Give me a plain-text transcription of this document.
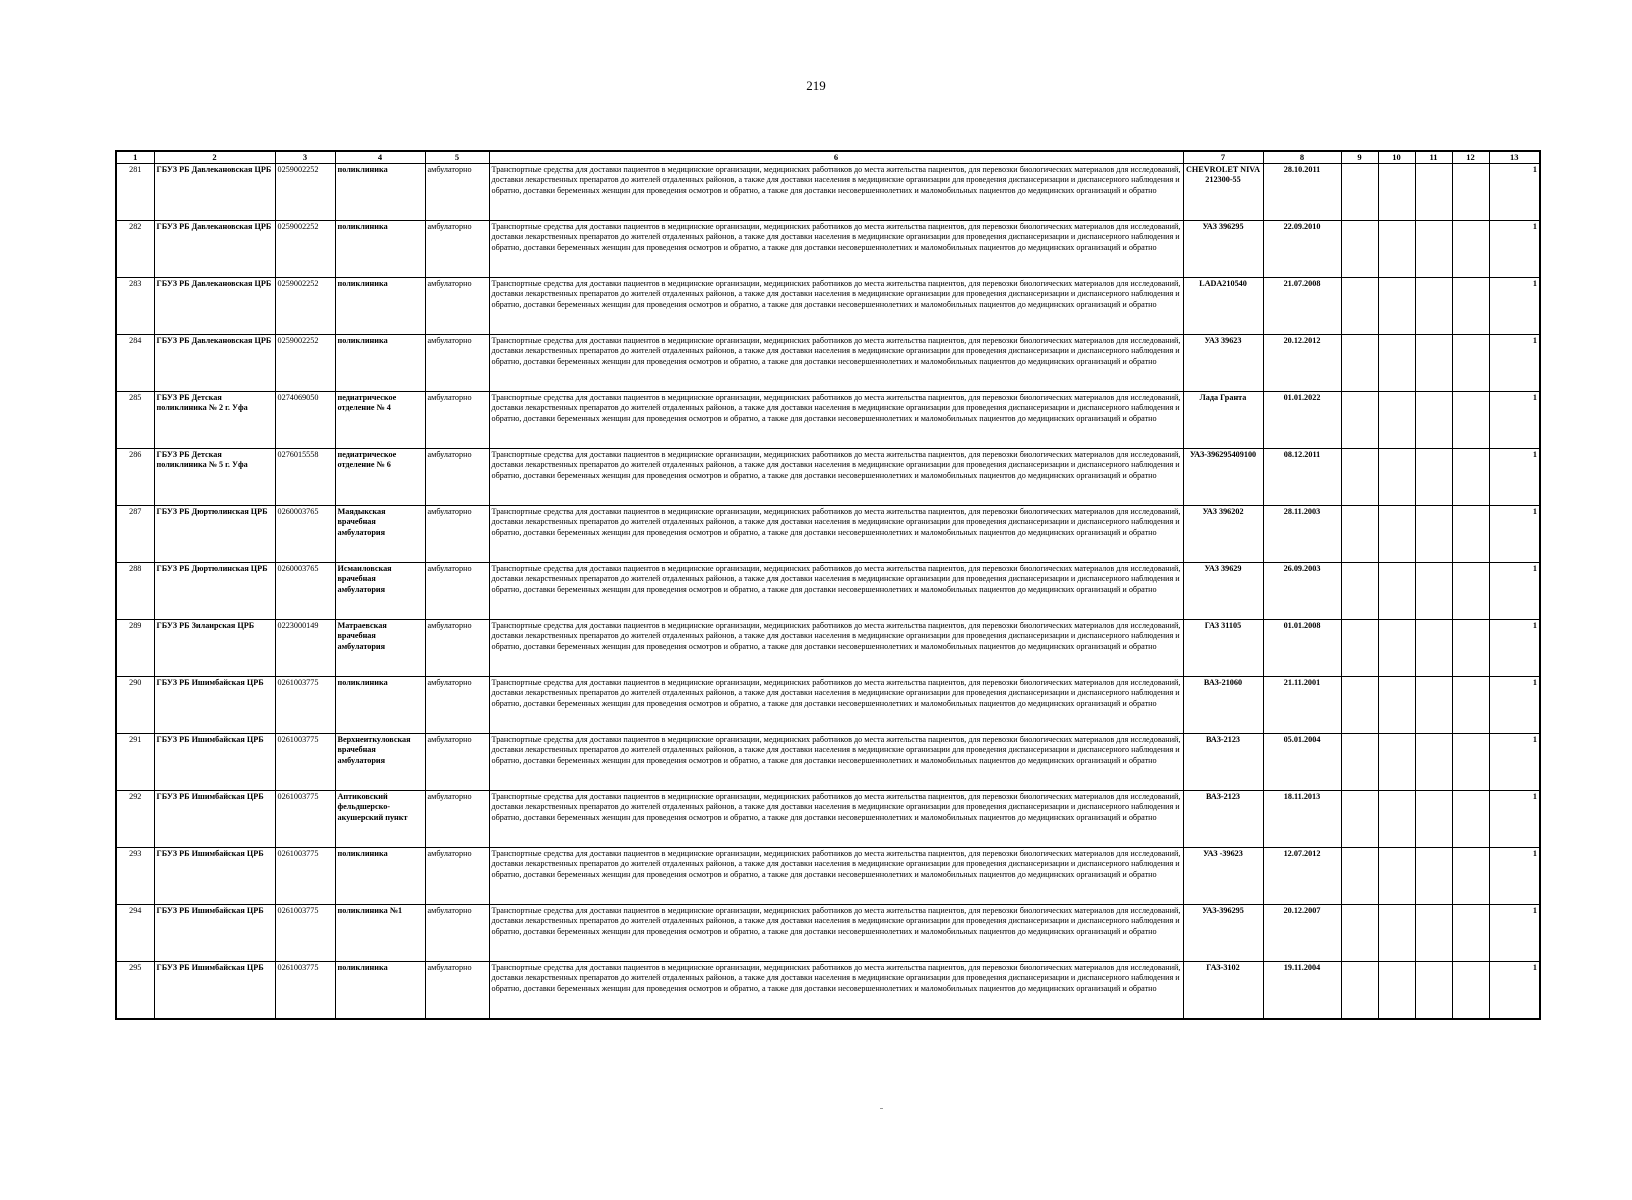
219
1	2	3	4	5	6	7	8	9	10	11	12	13
281	ГБУЗ РБ Давлекановская ЦРБ	0259002252	поликлиника	амбулаторно	Транспортные средства для доставки пациентов в медицинские организации, медицинских работников до места жительства пациентов, для перевозки биологических материалов для исследований, доставки лекарственных препаратов до жителей отдаленных районов, а также для доставки населения в медицинские организации для проведения диспансеризации и диспансерного наблюдения и обратно, доставки беременных женщин для проведения осмотров и обратно, а также для доставки несовершеннолетних и маломобильных пациентов до медицинских организаций и обратно	CHEVROLET NIVA 212300-55	28.10.2011					1
282	ГБУЗ РБ Давлекановская ЦРБ	0259002252	поликлиника	амбулаторно	Транспортные средства для доставки пациентов в медицинские организации, медицинских работников до места жительства пациентов, для перевозки биологических материалов для исследований, доставки лекарственных препаратов до жителей отдаленных районов, а также для доставки населения в медицинские организации для проведения диспансеризации и диспансерного наблюдения и обратно, доставки беременных женщин для проведения осмотров и обратно, а также для доставки несовершеннолетних и маломобильных пациентов до медицинских организаций и обратно	УАЗ 396295	22.09.2010					1
283	ГБУЗ РБ Давлекановская ЦРБ	0259002252	поликлиника	амбулаторно	Транспортные средства для доставки пациентов в медицинские организации, медицинских работников до места жительства пациентов, для перевозки биологических материалов для исследований, доставки лекарственных препаратов до жителей отдаленных районов, а также для доставки населения в медицинские организации для проведения диспансеризации и диспансерного наблюдения и обратно, доставки беременных женщин для проведения осмотров и обратно, а также для доставки несовершеннолетних и маломобильных пациентов до медицинских организаций и обратно	LADA210540	21.07.2008					1
284	ГБУЗ РБ Давлекановская ЦРБ	0259002252	поликлиника	амбулаторно	Транспортные средства для доставки пациентов в медицинские организации, медицинских работников до места жительства пациентов, для перевозки биологических материалов для исследований, доставки лекарственных препаратов до жителей отдаленных районов, а также для доставки населения в медицинские организации для проведения диспансеризации и диспансерного наблюдения и обратно, доставки беременных женщин для проведения осмотров и обратно, а также для доставки несовершеннолетних и маломобильных пациентов до медицинских организаций и обратно	УАЗ 39623	20.12.2012					1
285	ГБУЗ РБ Детская поликлиника № 2 г. Уфа	0274069050	педиатрическое отделение № 4	амбулаторно	Транспортные средства для доставки пациентов в медицинские организации, медицинских работников до места жительства пациентов, для перевозки биологических материалов для исследований, доставки лекарственных препаратов до жителей отдаленных районов, а также для доставки населения в медицинские организации для проведения диспансеризации и диспансерного наблюдения и обратно, доставки беременных женщин для проведения осмотров и обратно, а также для доставки несовершеннолетних и маломобильных пациентов до медицинских организаций и обратно	Лада Гранта	01.01.2022					1
286	ГБУЗ РБ Детская поликлиника № 5 г. Уфа	0276015558	педиатрическое отделение № 6	амбулаторно	Транспортные средства для доставки пациентов в медицинские организации, медицинских работников до места жительства пациентов, для перевозки биологических материалов для исследований, доставки лекарственных препаратов до жителей отдаленных районов, а также для доставки населения в медицинские организации для проведения диспансеризации и диспансерного наблюдения и обратно, доставки беременных женщин для проведения осмотров и обратно, а также для доставки несовершеннолетних и маломобильных пациентов до медицинских организаций и обратно	УАЗ-396295409100	08.12.2011					1
287	ГБУЗ РБ Дюртюлинская ЦРБ	0260003765	Маядыкская врачебная амбулатория	амбулаторно	Транспортные средства для доставки пациентов в медицинские организации, медицинских работников до места жительства пациентов, для перевозки биологических материалов для исследований, доставки лекарственных препаратов до жителей отдаленных районов, а также для доставки населения в медицинские организации для проведения диспансеризации и диспансерного наблюдения и обратно, доставки беременных женщин для проведения осмотров и обратно, а также для доставки несовершеннолетних и маломобильных пациентов до медицинских организаций и обратно	УАЗ 396202	28.11.2003					1
288	ГБУЗ РБ Дюртюлинская ЦРБ	0260003765	Исмаиловская врачебная амбулатория	амбулаторно	Транспортные средства для доставки пациентов в медицинские организации, медицинских работников до места жительства пациентов, для перевозки биологических материалов для исследований, доставки лекарственных препаратов до жителей отдаленных районов, а также для доставки населения в медицинские организации для проведения диспансеризации и диспансерного наблюдения и обратно, доставки беременных женщин для проведения осмотров и обратно, а также для доставки несовершеннолетних и маломобильных пациентов до медицинских организаций и обратно	УАЗ 39629	26.09.2003					1
289	ГБУЗ РБ Зилаирская ЦРБ	0223000149	Матраевская врачебная амбулатория	амбулаторно	Транспортные средства для доставки пациентов в медицинские организации, медицинских работников до места жительства пациентов, для перевозки биологических материалов для исследований, доставки лекарственных препаратов до жителей отдаленных районов, а также для доставки населения в медицинские организации для проведения диспансеризации и диспансерного наблюдения и обратно, доставки беременных женщин для проведения осмотров и обратно, а также для доставки несовершеннолетних и маломобильных пациентов до медицинских организаций и обратно	ГАЗ 31105	01.01.2008					1
290	ГБУЗ РБ Ишимбайская ЦРБ	0261003775	поликлиника	амбулаторно	Транспортные средства для доставки пациентов в медицинские организации, медицинских работников до места жительства пациентов, для перевозки биологических материалов для исследований, доставки лекарственных препаратов до жителей отдаленных районов, а также для доставки населения в медицинские организации для проведения диспансеризации и диспансерного наблюдения и обратно, доставки беременных женщин для проведения осмотров и обратно, а также для доставки несовершеннолетних и маломобильных пациентов до медицинских организаций и обратно	ВАЗ-21060	21.11.2001					1
291	ГБУЗ РБ Ишимбайская ЦРБ	0261003775	Верхнеиткуловская врачебная амбулатория	амбулаторно	Транспортные средства для доставки пациентов в медицинские организации, медицинских работников до места жительства пациентов, для перевозки биологических материалов для исследований, доставки лекарственных препаратов до жителей отдаленных районов, а также для доставки населения в медицинские организации для проведения диспансеризации и диспансерного наблюдения и обратно, доставки беременных женщин для проведения осмотров и обратно, а также для доставки несовершеннолетних и маломобильных пациентов до медицинских организаций и обратно	ВАЗ-2123	05.01.2004					1
292	ГБУЗ РБ Ишимбайская ЦРБ	0261003775	Аптиковский фельдшерско-акушерский пункт	амбулаторно	Транспортные средства для доставки пациентов в медицинские организации, медицинских работников до места жительства пациентов, для перевозки биологических материалов для исследований, доставки лекарственных препаратов до жителей отдаленных районов, а также для доставки населения в медицинские организации для проведения диспансеризации и диспансерного наблюдения и обратно, доставки беременных женщин для проведения осмотров и обратно, а также для доставки несовершеннолетних и маломобильных пациентов до медицинских организаций и обратно	ВАЗ-2123	18.11.2013					1
293	ГБУЗ РБ Ишимбайская ЦРБ	0261003775	поликлиника	амбулаторно	Транспортные средства для доставки пациентов в медицинские организации, медицинских работников до места жительства пациентов, для перевозки биологических материалов для исследований, доставки лекарственных препаратов до жителей отдаленных районов, а также для доставки населения в медицинские организации для проведения диспансеризации и диспансерного наблюдения и обратно, доставки беременных женщин для проведения осмотров и обратно, а также для доставки несовершеннолетних и маломобильных пациентов до медицинских организаций и обратно	УАЗ -39623	12.07.2012					1
294	ГБУЗ РБ Ишимбайская ЦРБ	0261003775	поликлиника №1	амбулаторно	Транспортные средства для доставки пациентов в медицинские организации, медицинских работников до места жительства пациентов, для перевозки биологических материалов для исследований, доставки лекарственных препаратов до жителей отдаленных районов, а также для доставки населения в медицинские организации для проведения диспансеризации и диспансерного наблюдения и обратно, доставки беременных женщин для проведения осмотров и обратно, а также для доставки несовершеннолетних и маломобильных пациентов до медицинских организаций и обратно	УАЗ-396295	20.12.2007					1
295	ГБУЗ РБ Ишимбайская ЦРБ	0261003775	поликлиника	амбулаторно	Транспортные средства для доставки пациентов в медицинские организации, медицинских работников до места жительства пациентов, для перевозки биологических материалов для исследований, доставки лекарственных препаратов до жителей отдаленных районов, а также для доставки населения в медицинские организации для проведения диспансеризации и диспансерного наблюдения и обратно, доставки беременных женщин для проведения осмотров и обратно, а также для доставки несовершеннолетних и маломобильных пациентов до медицинских организаций и обратно	ГАЗ-3102	19.11.2004					1
